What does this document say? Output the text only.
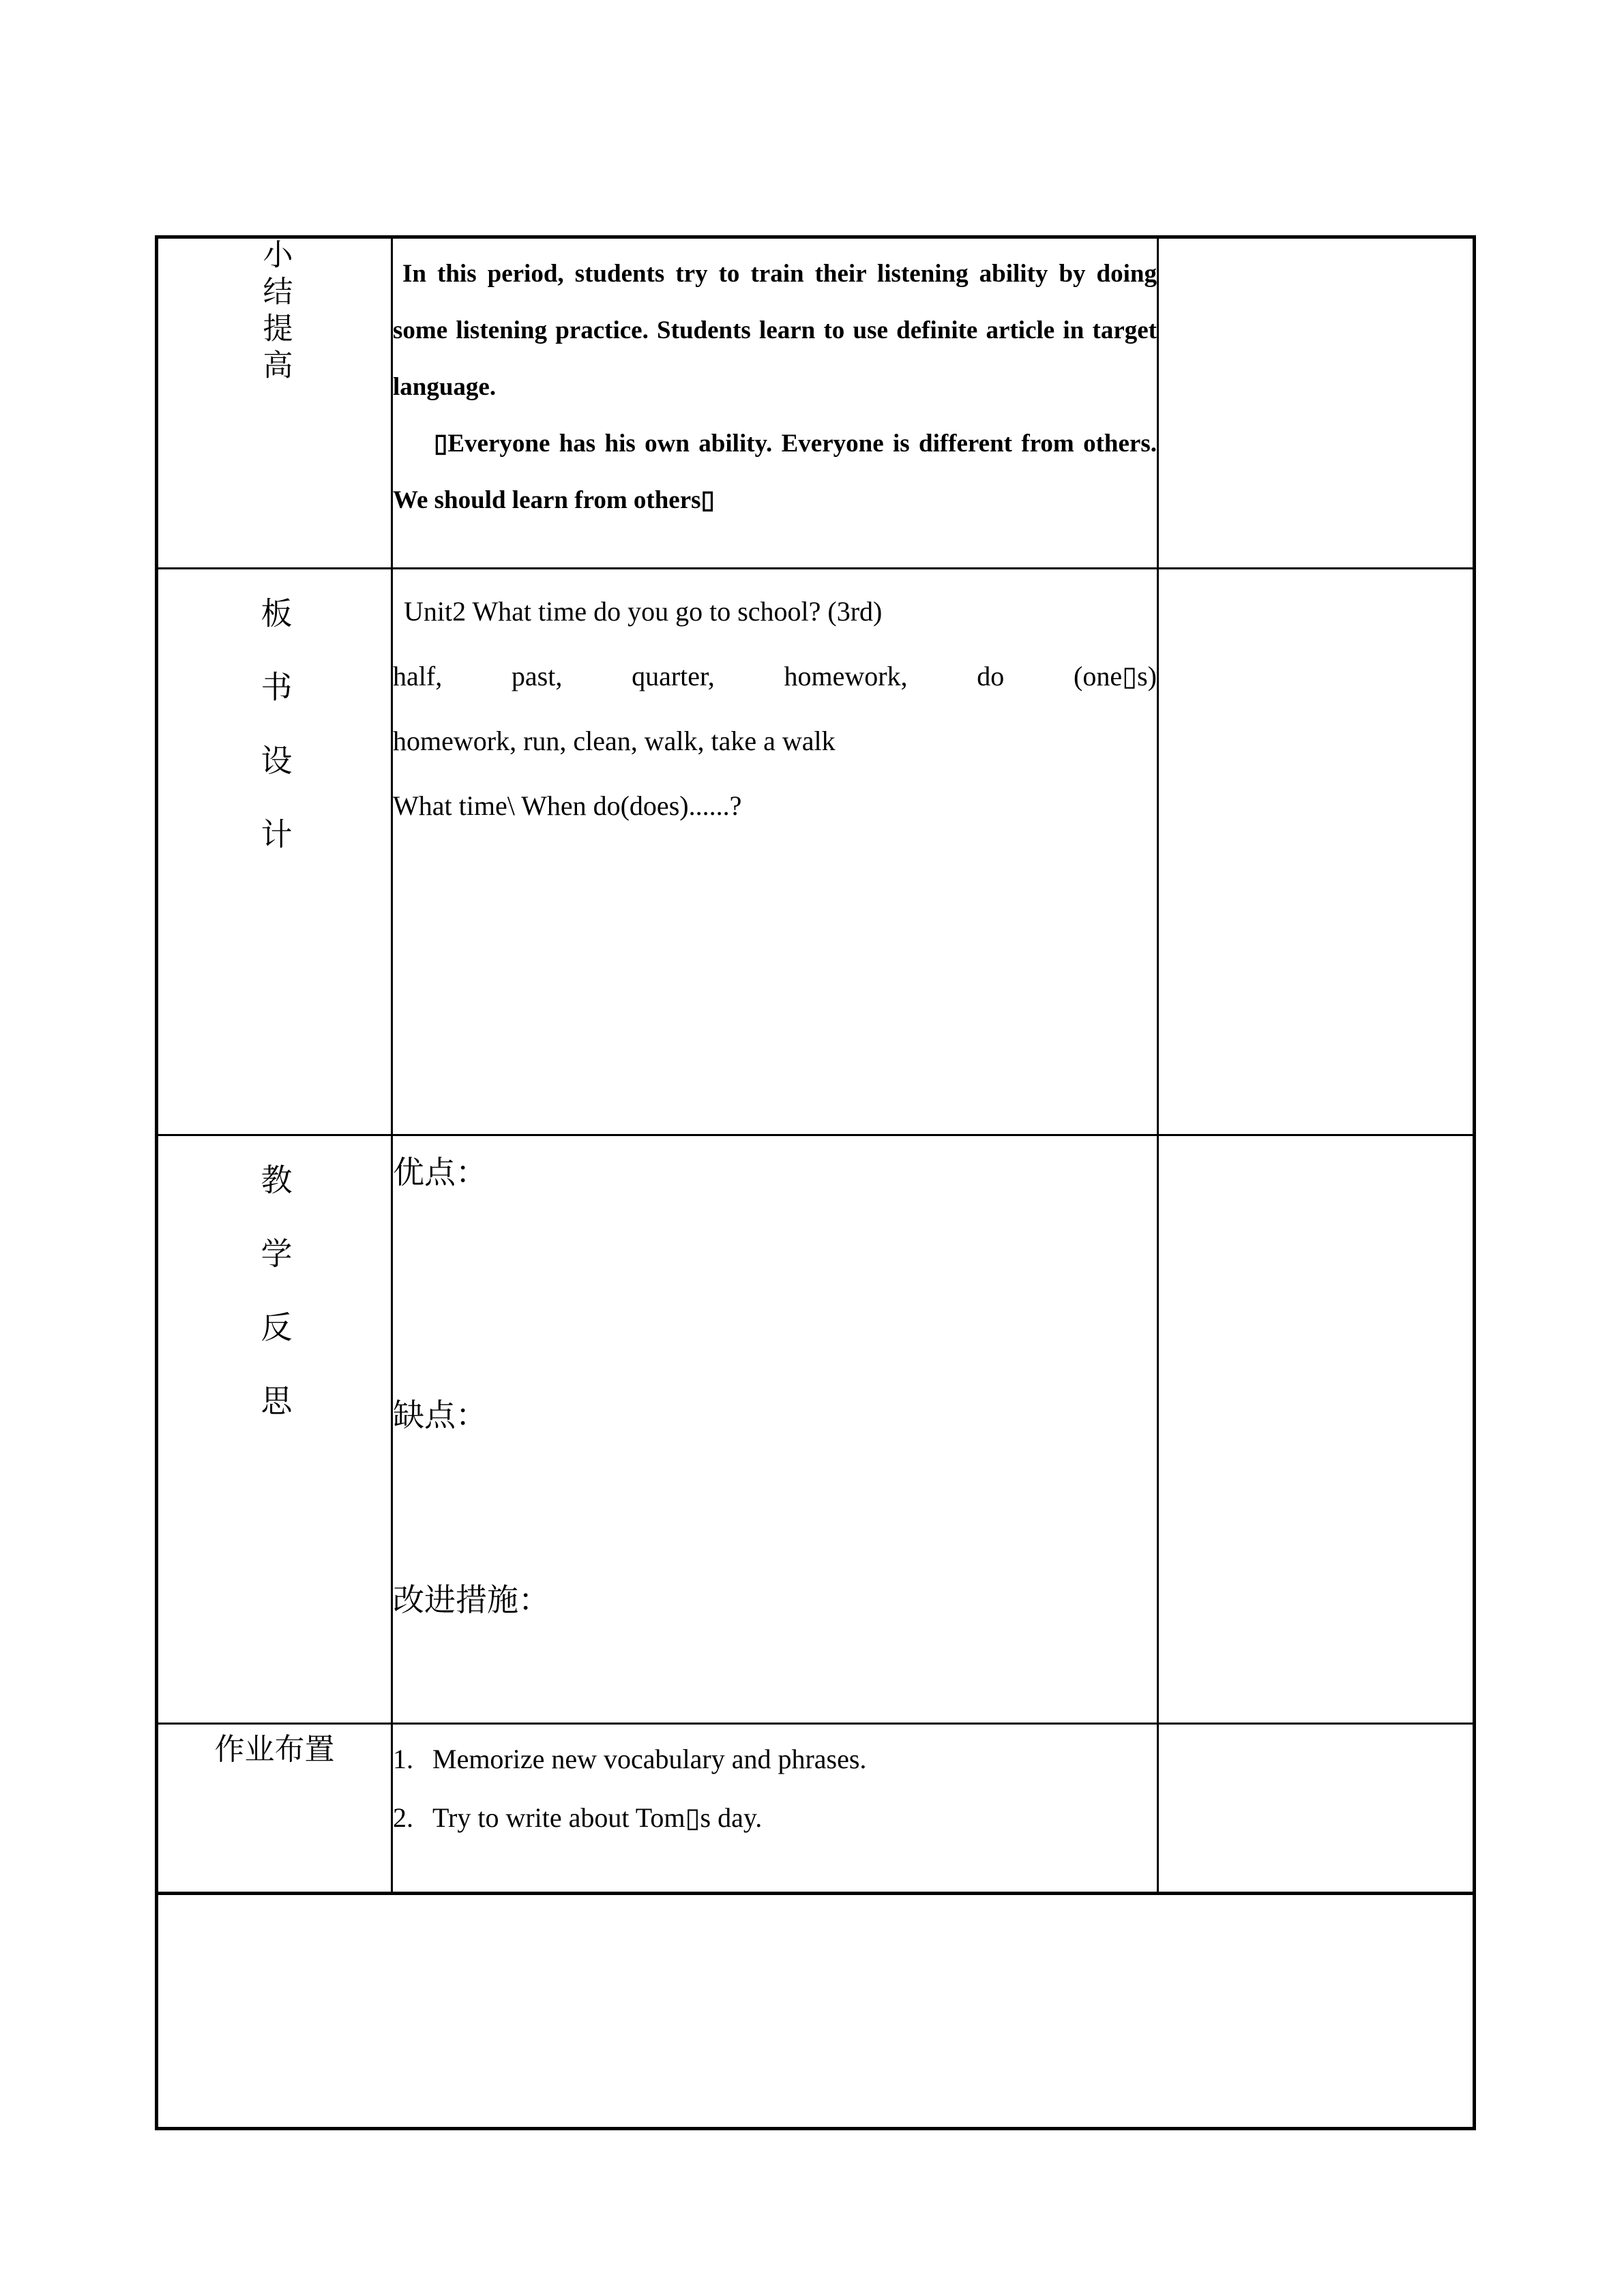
小结提高	In this period, students try to train their listening ability by doing some listening practice. Students learn to use definite article in target language.

▯Everyone has his own ability. Everyone is different from others. We should learn from others▯	

板书设计	Unit2 What time do you go to school? (3rd)

half, past, quarter, homework, do (one▯s)

homework, run, clean, walk, take a walk

What time\ When do(does)......?	

教学反思	优点：
缺点：
改进措施：	

作业布置	1. Memorize new vocabulary and phrases.
2. Try to write about Tom▯s day.	
